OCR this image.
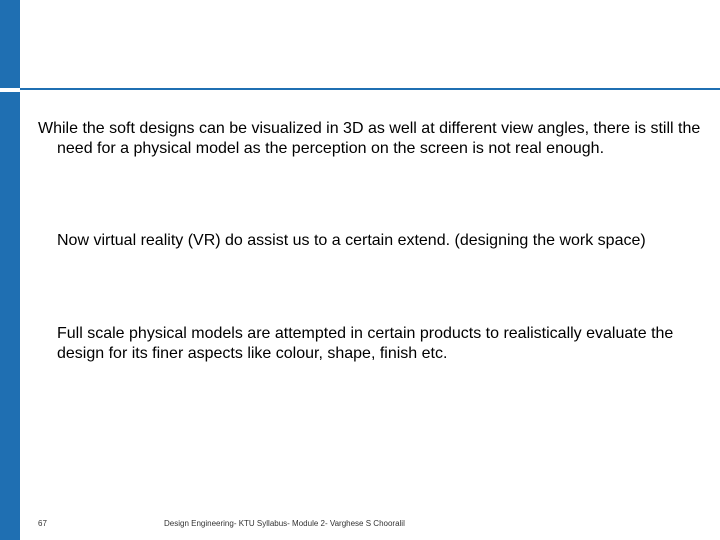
While the soft designs can be visualized in 3D as well at different view angles, there is still the need for a physical model as the perception on the screen is not real enough.

Now virtual reality (VR) do assist us to a certain extend. (designing the work space)

Full scale physical models are attempted in certain products to realistically evaluate the design for its finer aspects like colour, shape, finish etc.

67	Design Engineering- KTU Syllabus- Module 2- Varghese S Chooralil
